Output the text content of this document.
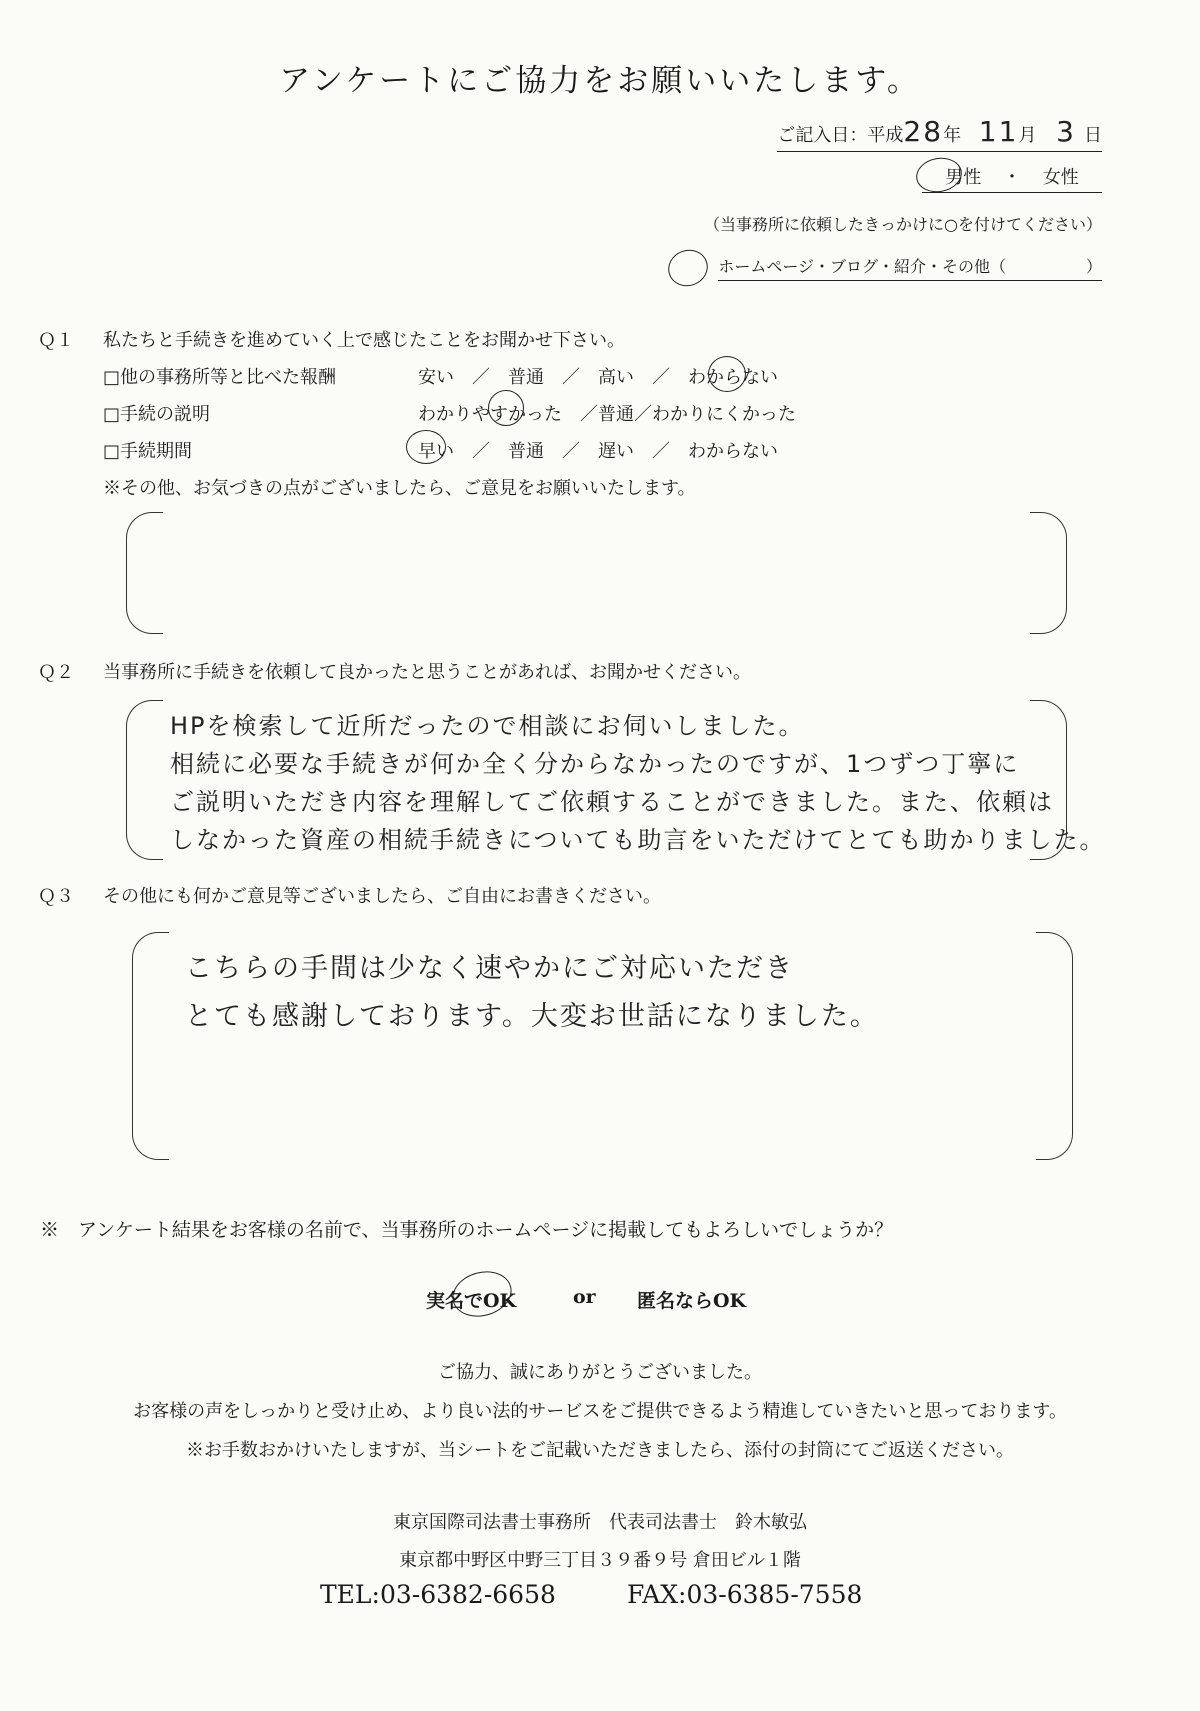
アンケートにご協力をお願いいたします。
ご記入日：平成28年 11月 3 日
男性 ・ 女性
（当事務所に依頼したきっかけに○を付けてください）
ホームページ・ブログ・紹介・その他（　　　　　）
Ｑ１ 私たちと手続きを進めていく上で感じたことをお聞かせ下さい。
□他の事務所等と比べた報酬	安い　／　普通　／　高い　／　わからない
□手続の説明	わかりやすかった　／普通／わかりにくかった
□手続期間	早い　／　普通　／　遅い　／　わからない
※その他、お気づきの点がございましたら、ご意見をお願いいたします。
Ｑ２ 当事務所に手続きを依頼して良かったと思うことがあれば、お聞かせください。
HPを検索して近所だったので相談にお伺いしました。
相続に必要な手続きが何か全く分からなかったのですが、1つずつ丁寧に
ご説明いただき内容を理解してご依頼することができました。また、依頼は
しなかった資産の相続手続きについても助言をいただけてとても助かりました。
Ｑ３ その他にも何かご意見等ございましたら、ご自由にお書きください。
こちらの手間は少なく速やかにご対応いただき
とても感謝しております。大変お世話になりました。
※　アンケート結果をお客様の名前で、当事務所のホームページに掲載してもよろしいでしょうか？
実名でOK	or 匿名ならOK
ご協力、誠にありがとうございました。
お客様の声をしっかりと受け止め、より良い法的サービスをご提供できるよう精進していきたいと思っております。
※お手数おかけいたしますが、当シートをご記載いただきましたら、添付の封筒にてご返送ください。
東京国際司法書士事務所　代表司法書士　鈴木敏弘
東京都中野区中野三丁目３９番９号 倉田ビル１階
TEL:03-6382-6658	FAX:03-6385-7558
